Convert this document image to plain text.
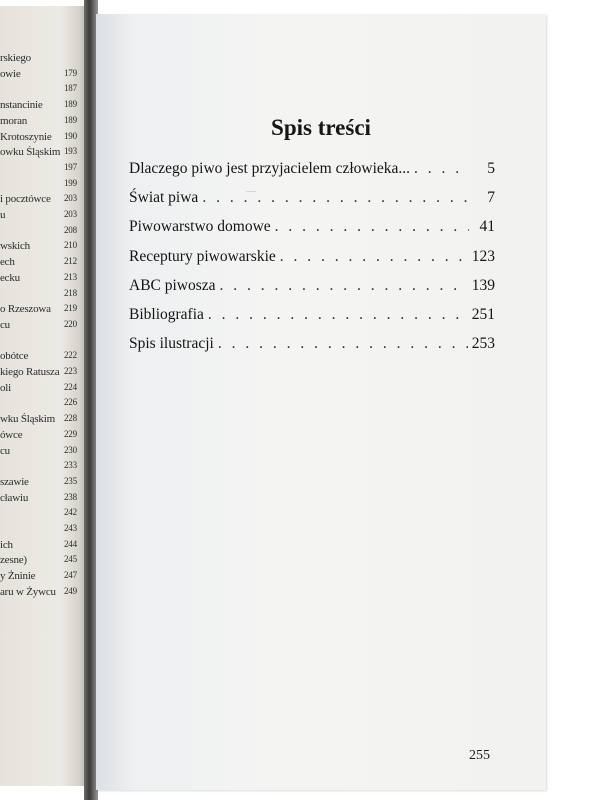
rskiego
owie	179
187
nstancinie 189
moran	189
Krotoszynie 190
owku Śląskim 193
197
199
i pocztówce 203
u	203
208
wskich	210
ech	212
ecku	213
218
o Rzeszowa 219
cu	220
obótce	222
kiego Ratusza 223
oli	224
226
wku Śląskim 228
ówce	229
cu	230
233
szawie	235
cławiu	238
242
243
ich	244
zesne)	245
y Żninie	247
aru w Żywcu 249
—
Spis treści
Dlaczego piwo jest przyjacielem człowieka... . . .	5
Świat piwa . . .	7
Piwowarstwo domowe . . .	41
Receptury piwowarskie . . .	123
ABC piwosza . . .	139
Bibliografia . . .	251
Spis ilustracji . . .	253
255
